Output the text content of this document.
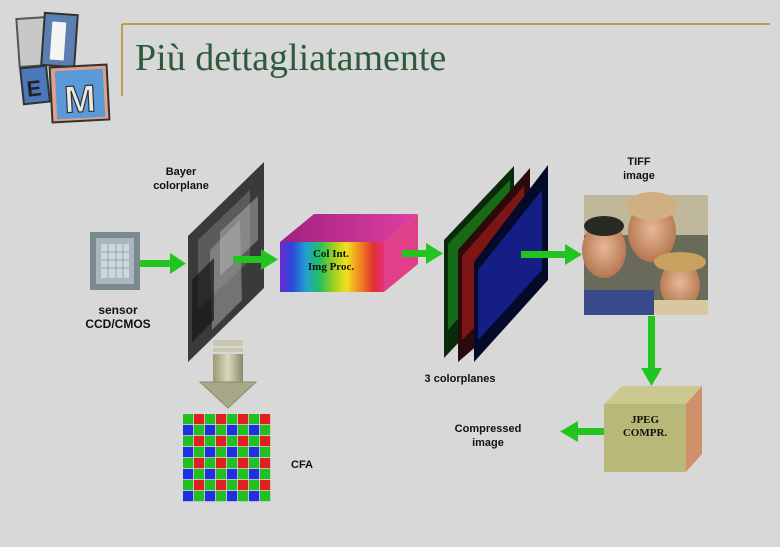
E M
Più dettagliatamente
Bayer
colorplane
sensor
CCD/CMOS
Col Int.
Img Proc.
3 colorplanes
TIFF
image
JPEG
COMPR.
Compressed
image
CFA
